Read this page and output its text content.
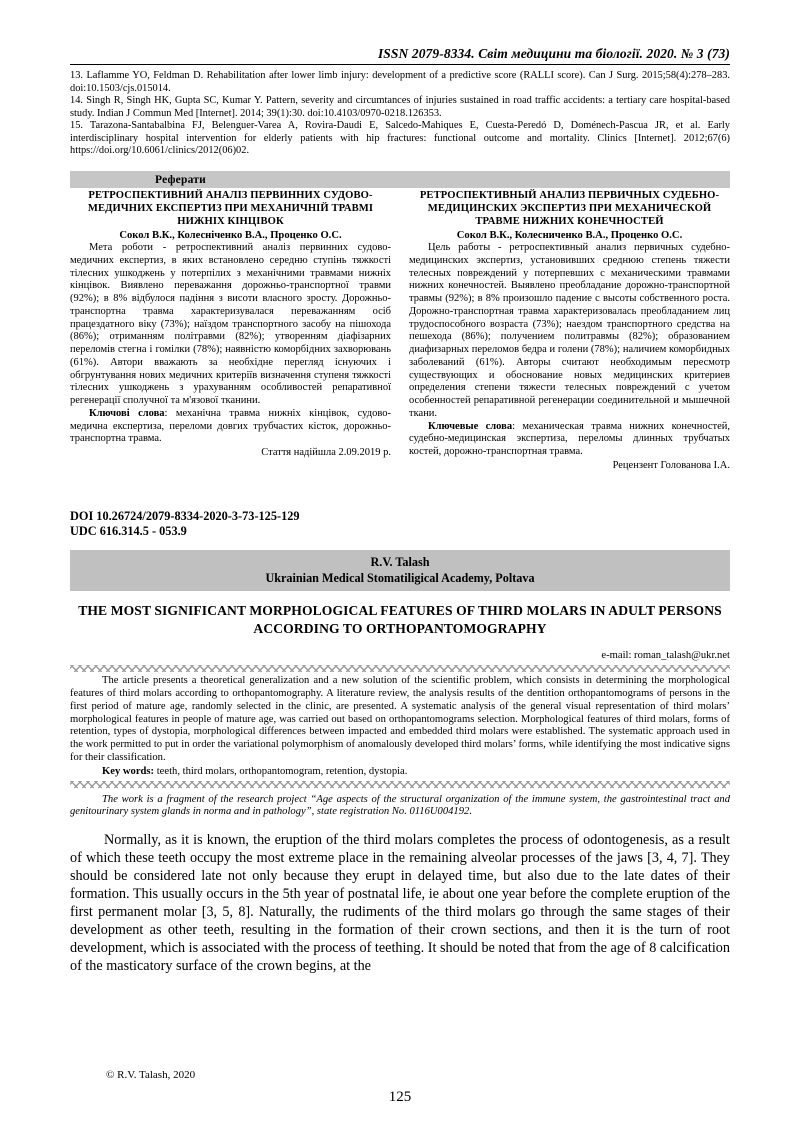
ISSN 2079-8334. Світ медицини та біології. 2020. № 3 (73)

13. Laflamme YO, Feldman D. Rehabilitation after lower limb injury: development of a predictive score (RALLI score). Can J Surg. 2015;58(4):278–283. doi:10.1503/cjs.015014.

14. Singh R, Singh HK, Gupta SC, Kumar Y. Pattern, severity and circumtances of injuries sustained in road traffic accidents: a tertiary care hospital-based study. Indian J Commun Med [Internet]. 2014; 39(1):30. doi:10.4103/0970-0218.126353.

15. Tarazona-Santabalbina FJ, Belenguer-Varea A, Rovira-Daudi E, Salcedo-Mahiques E, Cuesta-Peredó D, Doménech-Pascua JR, et al. Early interdisciplinary hospital intervention for elderly patients with hip fractures: functional outcome and mortality. Clinics [Internet]. 2012;67(6) https://doi.org/10.6061/clinics/2012(06)02.

Реферати
РЕТРОСПЕКТИВНИЙ АНАЛІЗ ПЕРВИННИХ СУДОВО-МЕДИЧНИХ ЕКСПЕРТИЗ ПРИ МЕХАНИЧНІЙ ТРАВМІ НИЖНІХ КІНЦІВОК
Сокол В.К., Колесніченко В.А., Проценко О.С.

Мета роботи - ретроспективний аналіз первинних судово-медичних експертиз, в яких встановлено середню ступінь тяжкості тілесних ушкоджень у потерпілих з механічними травмами нижніх кінцівок. Виявлено переважання дорожньо-транспортної травми (92%); в 8% відбулося падіння з висоти власного зросту. Дорожньо-транспортна травма характеризувалася переважанням осіб працездатного віку (73%); наїздом транспортного засобу на пішохода (86%); отриманням політравми (82%); утворенням діафізарних переломів стегна і гомілки (78%); наявністю коморбідних захворювань (61%). Автори вважають за необхідне перегляд існуючих і обгрунтування нових медичних критеріїв визначення ступеня тяжкості тілесних ушкоджень з урахуванням особливостей репаративної регенерації сполучної та м'язової тканини.

Ключові слова: механічна травма нижніх кінцівок, судово-медична експертиза, переломи довгих трубчастих кісток, дорожньо-транспортна травма.

Стаття надійшла 2.09.2019 р.
РЕТРОСПЕКТИВНЫЙ АНАЛИЗ ПЕРВИЧНЫХ СУДЕБНО-МЕДИЦИНСКИХ ЭКСПЕРТИЗ ПРИ МЕХАНИЧЕСКОЙ ТРАВМЕ НИЖНИХ КОНЕЧНОСТЕЙ
Сокол В.К., Колесниченко В.А., Проценко О.С.

Цель работы - ретроспективный анализ первичных судебно-медицинских экспертиз, установивших среднюю степень тяжести телесных повреждений у потерпевших с механическими травмами нижних конечностей. Выявлено преобладание дорожно-транспортной травмы (92%); в 8% произошло падение с высоты собственного роста. Дорожно-транспортная травма характеризовалась преобладанием лиц трудоспособного возраста (73%); наездом транспортного средства на пешехода (86%); получением политравмы (82%); образованием диафизарных переломов бедра и голени (78%); наличием коморбидных заболеваний (61%). Авторы считают необходимым пересмотр существующих и обоснование новых медицинских критериев определения степени тяжести телесных повреждений с учетом особенностей репаративной регенерации соединительной и мышечной ткани.

Ключевые слова: механическая травма нижних конечностей, судебно-медицинская экспертиза, переломы длинных трубчатых костей, дорожно-транспортная травма.

Рецензент Голованова І.А.
DOI 10.26724/2079-8334-2020-3-73-125-129
UDC 616.314.5 - 053.9
R.V. Talash
Ukrainian Medical Stomatiligical Academy, Poltava
THE MOST SIGNIFICANT MORPHOLOGICAL FEATURES OF THIRD MOLARS IN ADULT PERSONS ACCORDING TO ORTHOPANTOMOGRAPHY
e-mail: roman_talash@ukr.net

The article presents a theoretical generalization and a new solution of the scientific problem, which consists in determining the morphological features of third molars according to orthopantomography. A literature review, the analysis results of the dentition orthopantomograms of persons in the first period of mature age, randomly selected in the clinic, are presented. A systematic analysis of the general visual representation of third molars’ morphological features in people of mature age, was carried out based on orthopantomograms selection. Morphological features of third molars, forms of retention, types of dystopia, morphological differences between impacted and embedded third molars were established. The systematic approach used in the work permitted to put in order the variational polymorphism of anomalously developed third molars’ forms, while identifying the most indicative signs for their classification.

Key words: teeth, third molars, orthopantomogram, retention, dystopia.

The work is a fragment of the research project “Age aspects of the structural organization of the immune system, the gastrointestinal tract and genitourinary system glands in norma and in pathology”, state registration No. 0116U004192.

Normally, as it is known, the eruption of the third molars completes the process of odontogenesis, as a result of which these teeth occupy the most extreme place in the remaining alveolar processes of the jaws [3, 4, 7]. They should be considered late not only because they erupt in delayed time, but also due to the late dates of their formation. This usually occurs in the 5th year of postnatal life, ie about one year before the complete eruption of the first permanent molar [3, 5, 8]. Naturally, the rudiments of the third molars go through the same stages of their development as other teeth, resulting in the formation of their crown sections, and then it is the turn of root development, which is associated with the process of teething. It should be noted that from the age of 8 calcification of the masticatory surface of the crown begins, at the

© R.V. Talash, 2020
125
